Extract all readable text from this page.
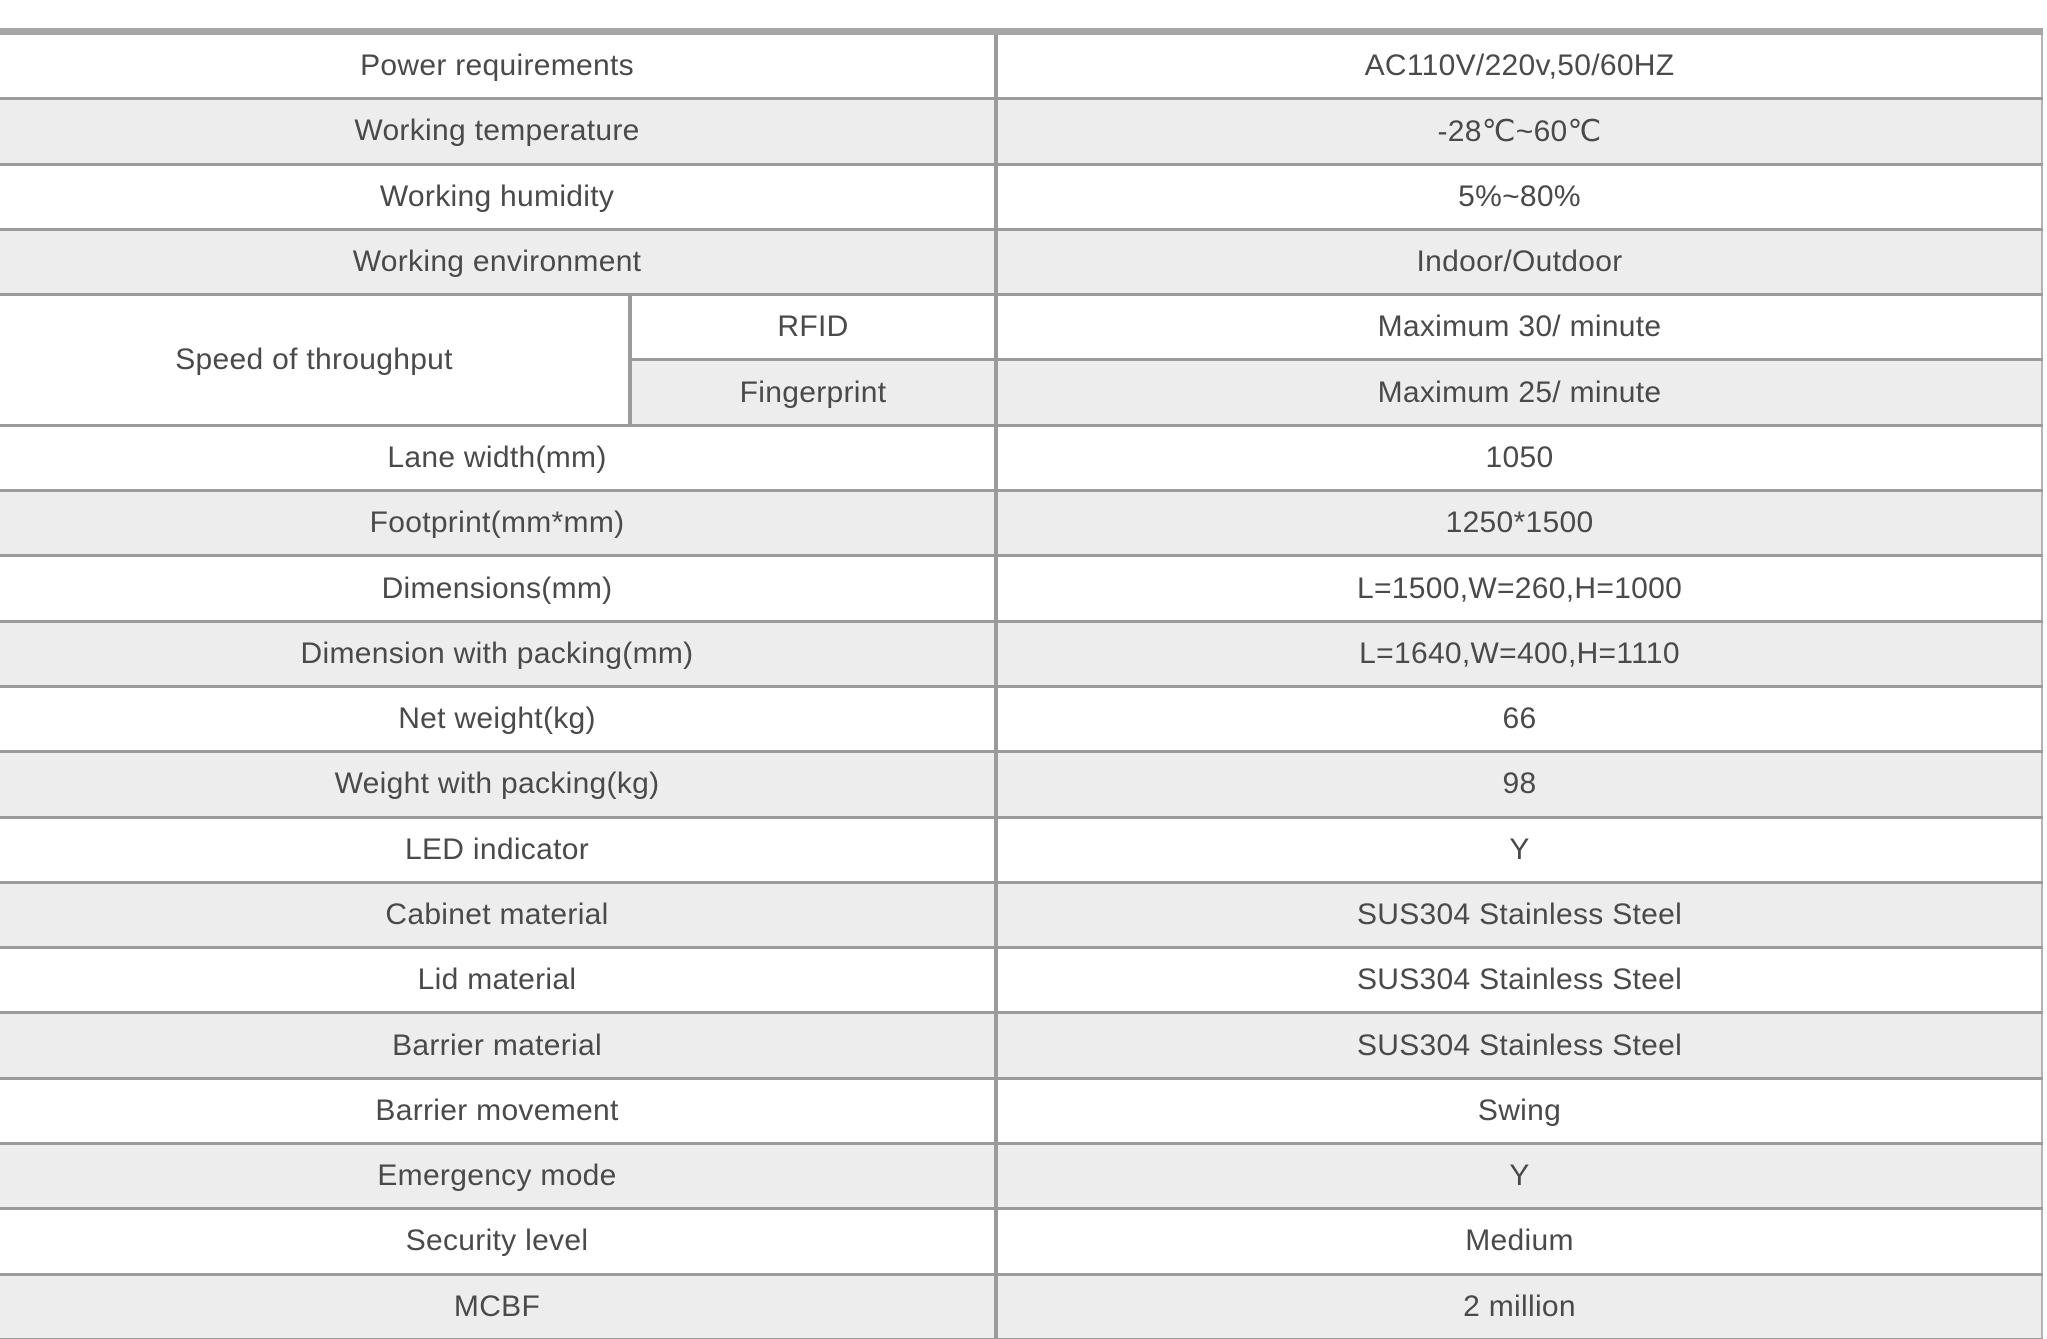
Power requirements		AC110V/220v,50/60HZ
Working temperature		-28℃~60℃
Working humidity		5%~80%
Working environment		Indoor/Outdoor
Speed of throughput	RFID	Maximum 30/ minute
	Fingerprint	Maximum 25/ minute
Lane width(mm)		1050
Footprint(mm*mm)		1250*1500
Dimensions(mm)		L=1500,W=260,H=1000
Dimension with packing(mm)		L=1640,W=400,H=1110
Net weight(kg)		66
Weight with packing(kg)		98
LED indicator		Y
Cabinet material		SUS304 Stainless Steel
Lid material		SUS304 Stainless Steel
Barrier material		SUS304 Stainless Steel
Barrier movement		Swing
Emergency mode		Y
Security level		Medium
MCBF		2 million
